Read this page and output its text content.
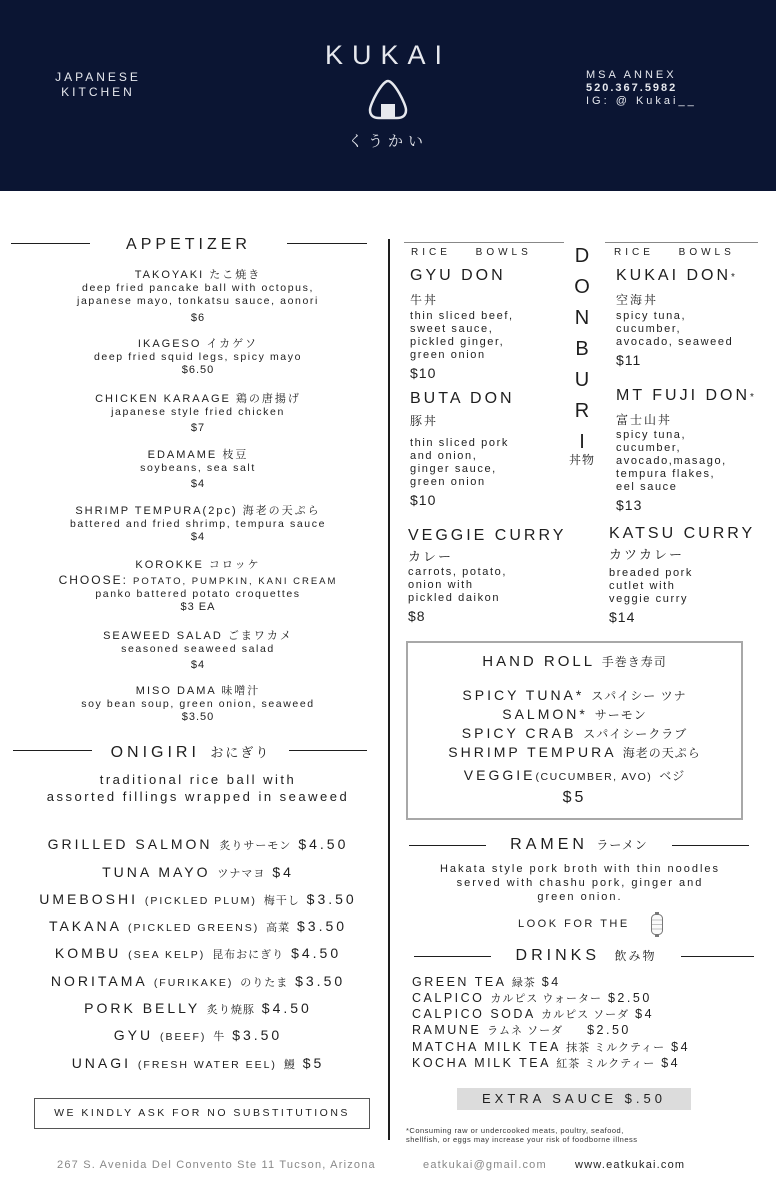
KUKAI
くうかい
JAPANESE
KITCHEN
MSA ANNEX
520.367.5982
IG: @ Kukai__
APPETIZER
TAKOYAKI たこ焼き
deep fried pancake ball with octopus,
japanese mayo, tonkatsu sauce, aonori
$6
IKAGESO イカゲソ
deep fried squid legs, spicy mayo
$6.50
CHICKEN KARAAGE 鶏の唐揚げ
japanese style fried chicken
$7
EDAMAME 枝豆
soybeans, sea salt
$4
SHRIMP TEMPURA(2pc) 海老の天ぷら
battered and fried shrimp, tempura sauce
$4
KOROKKE コロッケ
CHOOSE: POTATO, PUMPKIN, KANI CREAM
panko battered potato croquettes
$3 EA
SEAWEED SALAD ごまワカメ
seasoned seaweed salad
$4
MISO DAMA 味噌汁
soy bean soup, green onion, seaweed
$3.50
ONIGIRI おにぎり
traditional rice ball with
assorted fillings wrapped in seaweed
GRILLED SALMON 炙りサーモン $4.50
TUNA MAYO ツナマヨ $4
UMEBOSHI (PICKLED PLUM) 梅干し $3.50
TAKANA (PICKLED GREENS) 高菜 $3.50
KOMBU (SEA KELP) 昆布おにぎり $4.50
NORITAMA (FURIKAKE) のりたま $3.50
PORK BELLY 炙り焼豚 $4.50
GYU (BEEF) 牛 $3.50
UNAGI (FRESH WATER EEL) 鰻 $5
WE KINDLY ASK FOR NO SUBSTITUTIONS
RICE BOWLS	RICE BOWLS
D
O
N
B
U
R
I
丼物
GYU DON
牛丼
thin sliced beef,
sweet sauce,
pickled ginger,
green onion
$10
BUTA DON
豚丼
thin sliced pork
and onion,
ginger sauce,
green onion
$10
KUKAI DON*
空海丼
spicy tuna,
cucumber,
avocado, seaweed
$11
MT FUJI DON*
富士山丼
spicy tuna,
cucumber,
avocado,masago,
tempura flakes,
eel sauce
$13
VEGGIE CURRY
カレー
carrots, potato,
onion with
pickled daikon
$8
KATSU CURRY
カツカレー
breaded pork
cutlet with
veggie curry
$14
HAND ROLL 手巻き寿司
SPICY TUNA* スパイシー ツナ
SALMON* サーモン
SPICY CRAB スパイシークラブ
SHRIMP TEMPURA 海老の天ぷら
VEGGIE(CUCUMBER, AVO) ベジ
$5
RAMEN ラーメン
Hakata style pork broth with thin noodles
served with chashu pork, ginger and
green onion.
LOOK FOR THE
DRINKS 飲み物
GREEN TEA 緑茶 $4
CALPICO カルピス ウォーター $2.50
CALPICO SODA カルピス ソーダ $4
RAMUNE ラムネ ソーダ $2.50
MATCHA MILK TEA 抹茶 ミルクティー $4
KOCHA MILK TEA 紅茶 ミルクティー $4
EXTRA SAUCE $.50
*Consuming raw or undercooked meats, poultry, seafood,
shellfish, or eggs may increase your risk of foodborne illness
267 S. Avenida Del Convento Ste 11 Tucson, Arizona	eatkukai@gmail.com	www.eatkukai.com
